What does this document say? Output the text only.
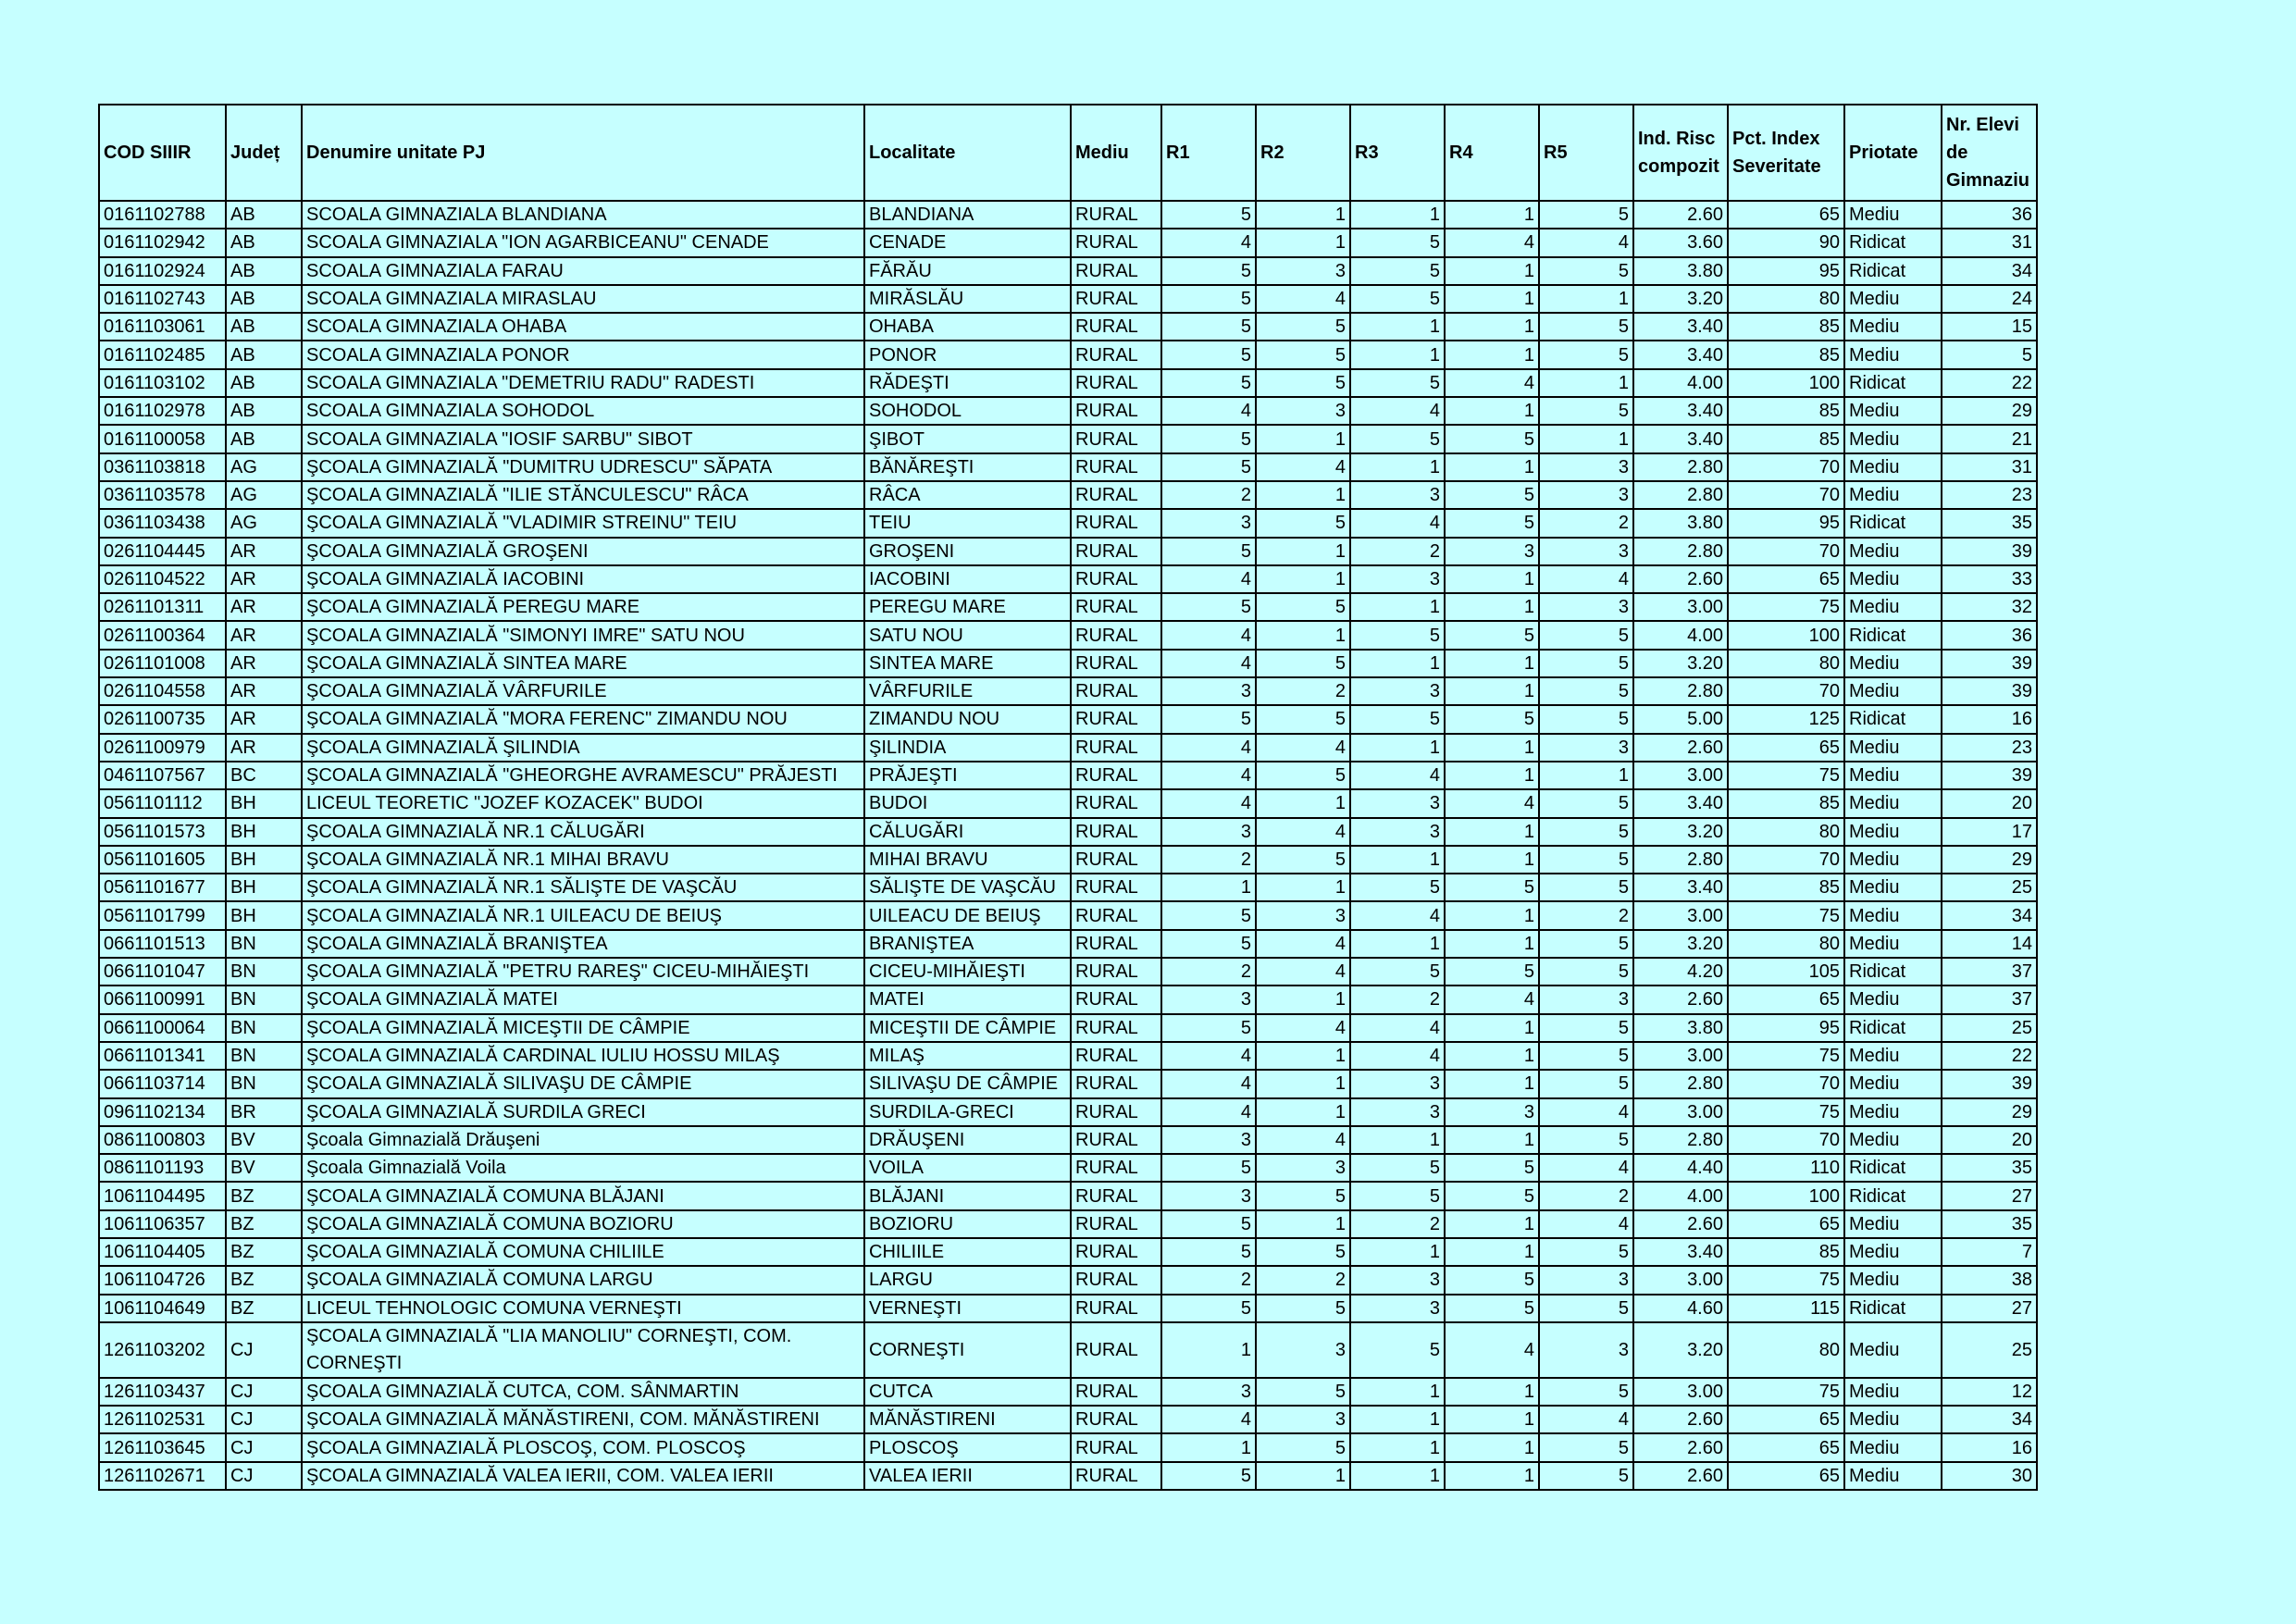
COD SIIIR	Județ	Denumire unitate PJ	Localitate	Mediu	R1	R2	R3	R4	R5	Ind. Risc compozit	Pct. Index Severitate	Priotate	Nr. Elevi de Gimnaziu
0161102788	AB	SCOALA GIMNAZIALA BLANDIANA	BLANDIANA	RURAL	5	1	1	1	5	2.60	65	Mediu	36
0161102942	AB	SCOALA GIMNAZIALA "ION AGARBICEANU" CENADE	CENADE	RURAL	4	1	5	4	4	3.60	90	Ridicat	31
0161102924	AB	SCOALA GIMNAZIALA FARAU	FĂRĂU	RURAL	5	3	5	1	5	3.80	95	Ridicat	34
0161102743	AB	SCOALA GIMNAZIALA MIRASLAU	MIRĂSLĂU	RURAL	5	4	5	1	1	3.20	80	Mediu	24
0161103061	AB	SCOALA GIMNAZIALA OHABA	OHABA	RURAL	5	5	1	1	5	3.40	85	Mediu	15
0161102485	AB	SCOALA GIMNAZIALA PONOR	PONOR	RURAL	5	5	1	1	5	3.40	85	Mediu	5
0161103102	AB	SCOALA GIMNAZIALA "DEMETRIU RADU" RADESTI	RĂDEŞTI	RURAL	5	5	5	4	1	4.00	100	Ridicat	22
0161102978	AB	SCOALA GIMNAZIALA SOHODOL	SOHODOL	RURAL	4	3	4	1	5	3.40	85	Mediu	29
0161100058	AB	SCOALA GIMNAZIALA "IOSIF SARBU" SIBOT	ŞIBOT	RURAL	5	1	5	5	1	3.40	85	Mediu	21
0361103818	AG	ŞCOALA GIMNAZIALĂ "DUMITRU UDRESCU" SĂPATA	BĂNĂREŞTI	RURAL	5	4	1	1	3	2.80	70	Mediu	31
0361103578	AG	ŞCOALA GIMNAZIALĂ "ILIE STĂNCULESCU" RÂCA	RÂCA	RURAL	2	1	3	5	3	2.80	70	Mediu	23
0361103438	AG	ŞCOALA GIMNAZIALĂ "VLADIMIR STREINU" TEIU	TEIU	RURAL	3	5	4	5	2	3.80	95	Ridicat	35
0261104445	AR	ŞCOALA GIMNAZIALĂ GROŞENI	GROŞENI	RURAL	5	1	2	3	3	2.80	70	Mediu	39
0261104522	AR	ŞCOALA GIMNAZIALĂ IACOBINI	IACOBINI	RURAL	4	1	3	1	4	2.60	65	Mediu	33
0261101311	AR	ŞCOALA GIMNAZIALĂ PEREGU MARE	PEREGU MARE	RURAL	5	5	1	1	3	3.00	75	Mediu	32
0261100364	AR	ŞCOALA GIMNAZIALĂ "SIMONYI IMRE" SATU NOU	SATU NOU	RURAL	4	1	5	5	5	4.00	100	Ridicat	36
0261101008	AR	ŞCOALA GIMNAZIALĂ SINTEA MARE	SINTEA MARE	RURAL	4	5	1	1	5	3.20	80	Mediu	39
0261104558	AR	ŞCOALA GIMNAZIALĂ VÂRFURILE	VÂRFURILE	RURAL	3	2	3	1	5	2.80	70	Mediu	39
0261100735	AR	ŞCOALA GIMNAZIALĂ "MORA FERENC" ZIMANDU NOU	ZIMANDU NOU	RURAL	5	5	5	5	5	5.00	125	Ridicat	16
0261100979	AR	ŞCOALA GIMNAZIALĂ ŞILINDIA	ŞILINDIA	RURAL	4	4	1	1	3	2.60	65	Mediu	23
0461107567	BC	ŞCOALA GIMNAZIALĂ "GHEORGHE AVRAMESCU" PRĂJESTI	PRĂJEŞTI	RURAL	4	5	4	1	1	3.00	75	Mediu	39
0561101112	BH	LICEUL TEORETIC "JOZEF KOZACEK" BUDOI	BUDOI	RURAL	4	1	3	4	5	3.40	85	Mediu	20
0561101573	BH	ŞCOALA GIMNAZIALĂ NR.1 CĂLUGĂRI	CĂLUGĂRI	RURAL	3	4	3	1	5	3.20	80	Mediu	17
0561101605	BH	ŞCOALA GIMNAZIALĂ NR.1 MIHAI BRAVU	MIHAI BRAVU	RURAL	2	5	1	1	5	2.80	70	Mediu	29
0561101677	BH	ŞCOALA GIMNAZIALĂ NR.1 SĂLIŞTE DE VAŞCĂU	SĂLIŞTE DE VAŞCĂU	RURAL	1	1	5	5	5	3.40	85	Mediu	25
0561101799	BH	ŞCOALA GIMNAZIALĂ NR.1 UILEACU DE BEIUŞ	UILEACU DE BEIUŞ	RURAL	5	3	4	1	2	3.00	75	Mediu	34
0661101513	BN	ŞCOALA GIMNAZIALĂ BRANIŞTEA	BRANIŞTEA	RURAL	5	4	1	1	5	3.20	80	Mediu	14
0661101047	BN	ŞCOALA GIMNAZIALĂ "PETRU RAREŞ" CICEU-MIHĂIEŞTI	CICEU-MIHĂIEŞTI	RURAL	2	4	5	5	5	4.20	105	Ridicat	37
0661100991	BN	ŞCOALA GIMNAZIALĂ MATEI	MATEI	RURAL	3	1	2	4	3	2.60	65	Mediu	37
0661100064	BN	ŞCOALA GIMNAZIALĂ MICEŞTII DE CÂMPIE	MICEŞTII DE CÂMPIE	RURAL	5	4	4	1	5	3.80	95	Ridicat	25
0661101341	BN	ŞCOALA GIMNAZIALĂ CARDINAL IULIU HOSSU MILAŞ	MILAŞ	RURAL	4	1	4	1	5	3.00	75	Mediu	22
0661103714	BN	ŞCOALA GIMNAZIALĂ SILIVAŞU DE CÂMPIE	SILIVAŞU DE CÂMPIE	RURAL	4	1	3	1	5	2.80	70	Mediu	39
0961102134	BR	ŞCOALA GIMNAZIALĂ SURDILA GRECI	SURDILA-GRECI	RURAL	4	1	3	3	4	3.00	75	Mediu	29
0861100803	BV	Şcoala Gimnazială Drăuşeni	DRĂUŞENI	RURAL	3	4	1	1	5	2.80	70	Mediu	20
0861101193	BV	Şcoala Gimnazială Voila	VOILA	RURAL	5	3	5	5	4	4.40	110	Ridicat	35
1061104495	BZ	ŞCOALA GIMNAZIALĂ COMUNA BLĂJANI	BLĂJANI	RURAL	3	5	5	5	2	4.00	100	Ridicat	27
1061106357	BZ	ŞCOALA GIMNAZIALĂ COMUNA BOZIORU	BOZIORU	RURAL	5	1	2	1	4	2.60	65	Mediu	35
1061104405	BZ	ŞCOALA GIMNAZIALĂ COMUNA CHILIILE	CHILIILE	RURAL	5	5	1	1	5	3.40	85	Mediu	7
1061104726	BZ	ŞCOALA GIMNAZIALĂ COMUNA LARGU	LARGU	RURAL	2	2	3	5	3	3.00	75	Mediu	38
1061104649	BZ	LICEUL TEHNOLOGIC COMUNA VERNEŞTI	VERNEŞTI	RURAL	5	5	3	5	5	4.60	115	Ridicat	27
1261103202	CJ	ŞCOALA GIMNAZIALĂ "LIA MANOLIU" CORNEŞTI, COM. CORNEŞTI	CORNEŞTI	RURAL	1	3	5	4	3	3.20	80	Mediu	25
1261103437	CJ	ŞCOALA GIMNAZIALĂ CUTCA, COM. SÂNMARTIN	CUTCA	RURAL	3	5	1	1	5	3.00	75	Mediu	12
1261102531	CJ	ŞCOALA GIMNAZIALĂ MĂNĂSTIRENI, COM. MĂNĂSTIRENI	MĂNĂSTIRENI	RURAL	4	3	1	1	4	2.60	65	Mediu	34
1261103645	CJ	ŞCOALA GIMNAZIALĂ PLOSCOŞ, COM. PLOSCOŞ	PLOSCOŞ	RURAL	1	5	1	1	5	2.60	65	Mediu	16
1261102671	CJ	ŞCOALA GIMNAZIALĂ VALEA IERII, COM. VALEA IERII	VALEA IERII	RURAL	5	1	1	1	5	2.60	65	Mediu	30
